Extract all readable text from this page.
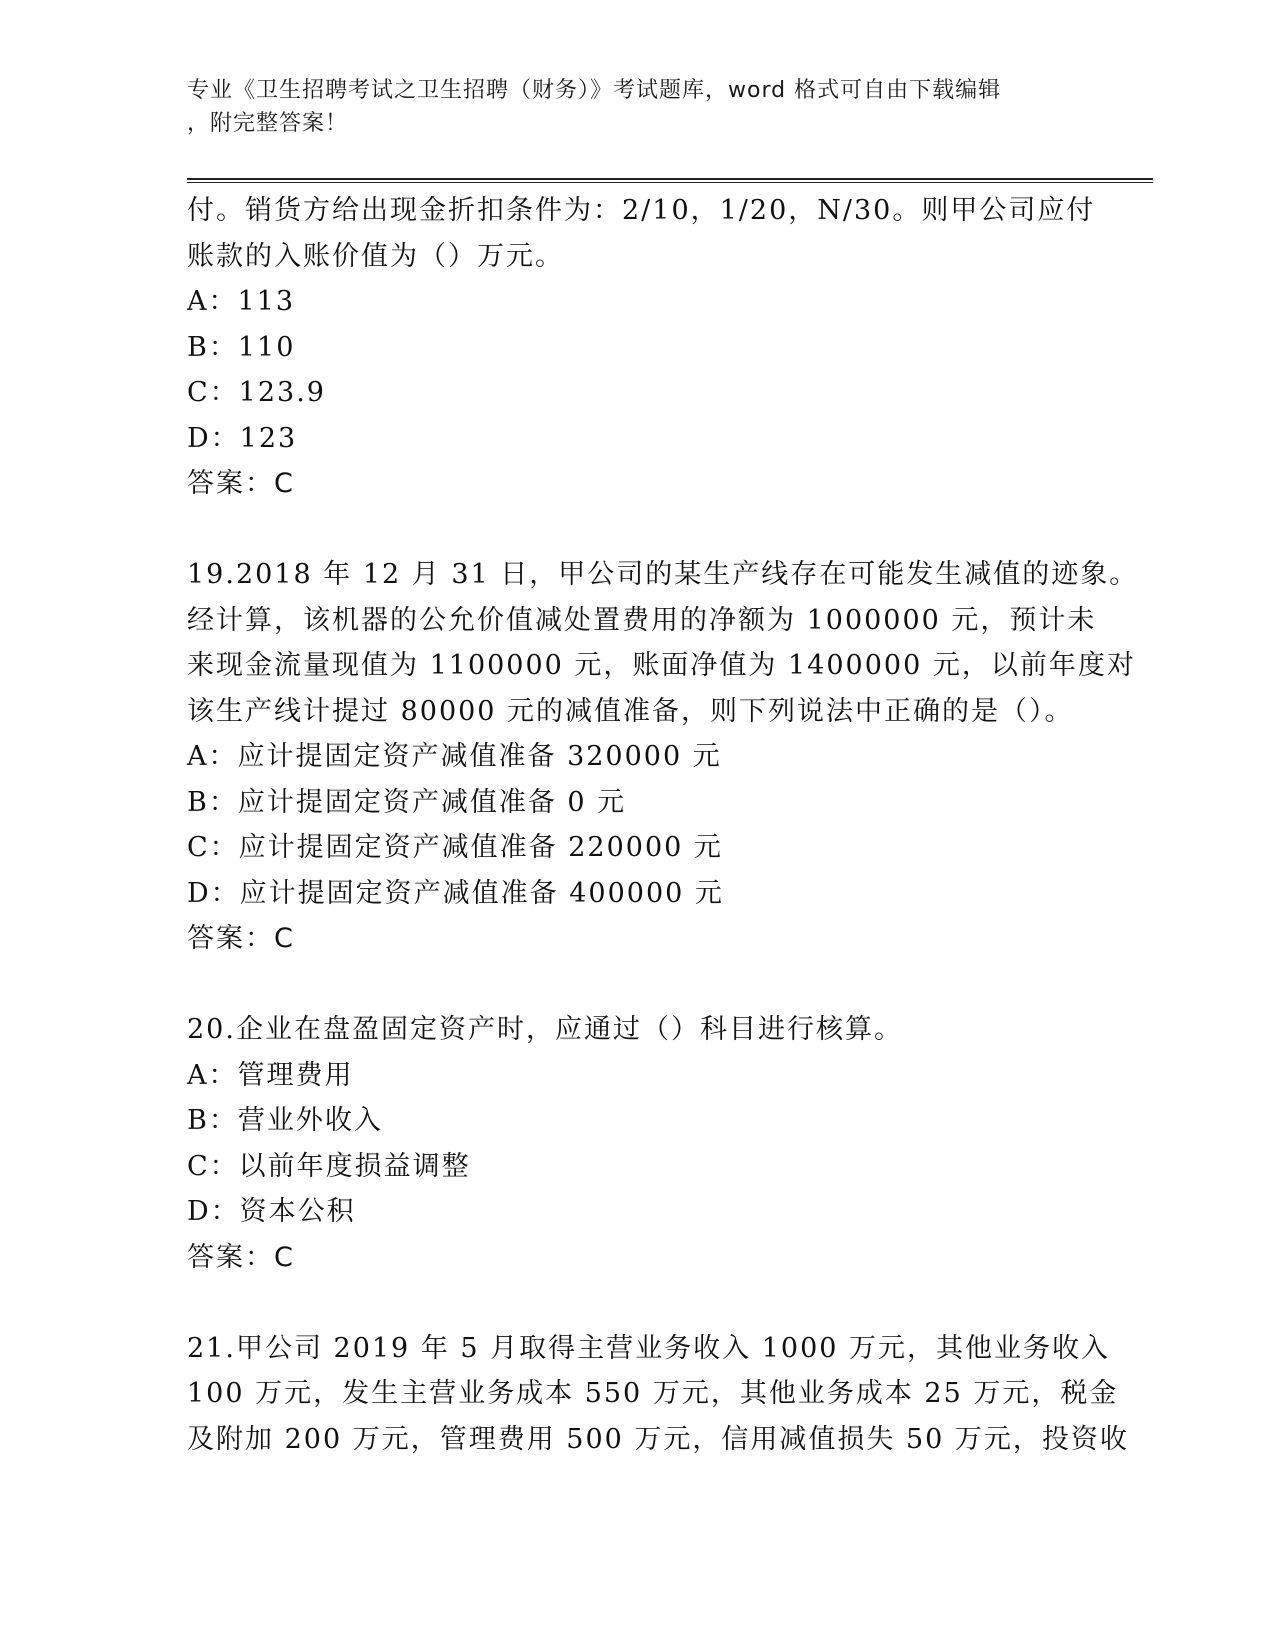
专业《卫生招聘考试之卫生招聘（财务）》考试题库，word 格式可自由下载编辑
，附完整答案！
付。销货方给出现金折扣条件为：2/10，1/20，N/30。则甲公司应付
账款的入账价值为（）万元。
A：113
B：110
C：123.9
D：123
答案：C
19.2018 年 12 月 31 日，甲公司的某生产线存在可能发生减值的迹象。
经计算，该机器的公允价值减处置费用的净额为 1000000 元，预计未
来现金流量现值为 1100000 元，账面净值为 1400000 元，以前年度对
该生产线计提过 80000 元的减值准备，则下列说法中正确的是（）。
A：应计提固定资产减值准备 320000 元
B：应计提固定资产减值准备 0 元
C：应计提固定资产减值准备 220000 元
D：应计提固定资产减值准备 400000 元
答案：C
20.企业在盘盈固定资产时，应通过（）科目进行核算。
A：管理费用
B：营业外收入
C：以前年度损益调整
D：资本公积
答案：C
21.甲公司 2019 年 5 月取得主营业务收入 1000 万元，其他业务收入
100 万元，发生主营业务成本 550 万元，其他业务成本 25 万元，税金
及附加 200 万元，管理费用 500 万元，信用减值损失 50 万元，投资收
